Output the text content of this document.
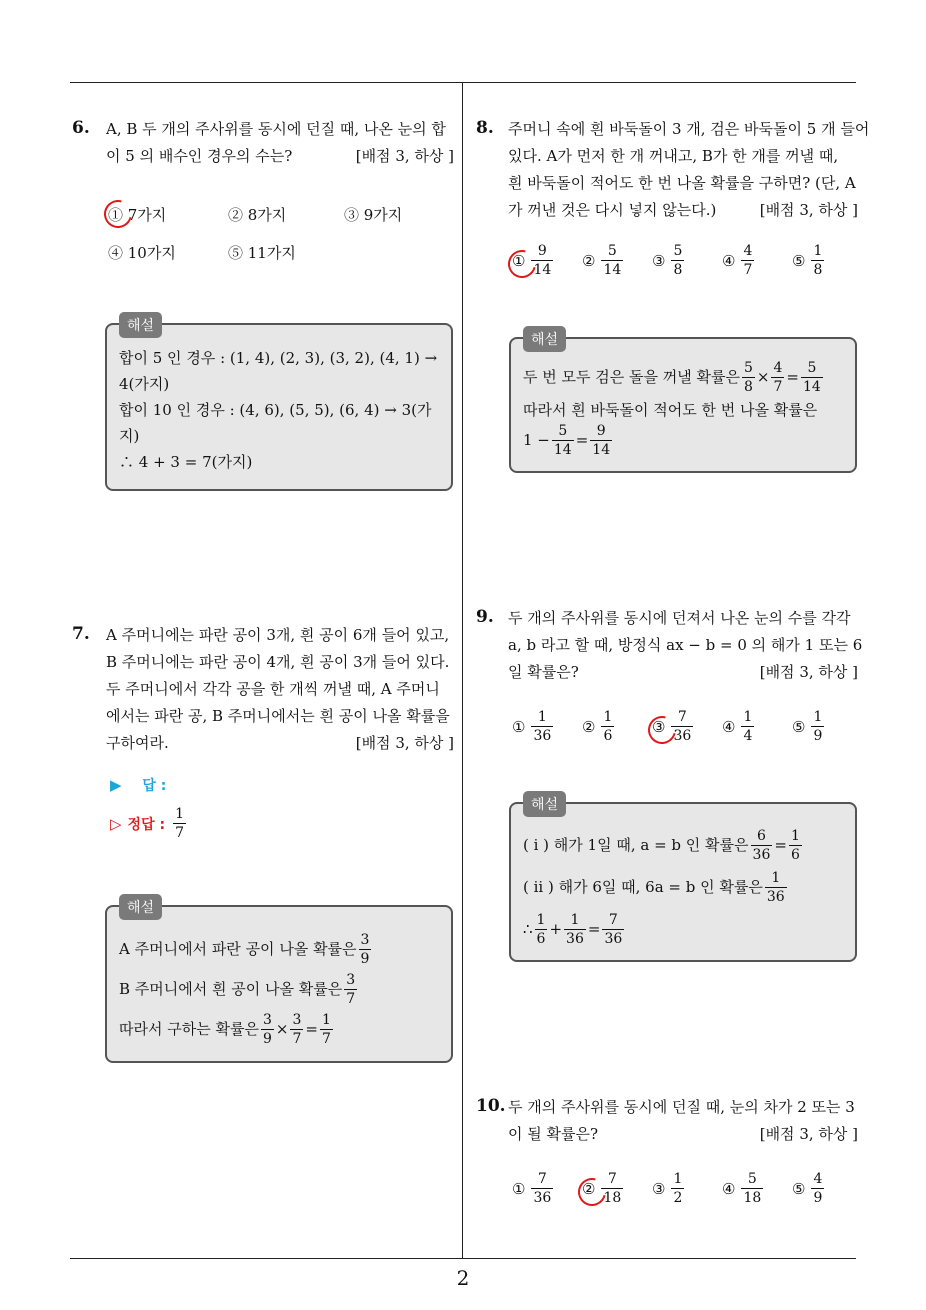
2
6. A, B 두 개의 주사위를 동시에 던질 때, 나온 눈의 합
이 5 의 배수인 경우의 수는?	[배점 3, 하상 ]
① 7가지	② 8가지	③ 9가지
④ 10가지	⑤ 11가지
해설
합이 5 인 경우 : (1, 4), (2, 3), (3, 2), (4, 1) →
4(가지)
합이 10 인 경우 : (4, 6), (5, 5), (6, 4) → 3(가
지)
∴ 4 + 3 = 7(가지)
7. A 주머니에는 파란 공이 3개, 흰 공이 6개 들어 있고,
B 주머니에는 파란 공이 4개, 흰 공이 3개 들어 있다.
두 주머니에서 각각 공을 한 개씩 꺼낼 때, A 주머니
에서는 파란 공, B 주머니에서는 흰 공이 나올 확률을
구하여라.	[배점 3, 하상 ]
▶ 답 :
▷ 정답 : $\frac{1}{7}$
해설
A 주머니에서 파란 공이 나올 확률은 $\frac{3}{9}$
B 주머니에서 흰 공이 나올 확률은 $\frac{3}{7}$
따라서 구하는 확률은 $\frac{3}{9} \times \frac{3}{7} = \frac{1}{7}$
8. 주머니 속에 흰 바둑돌이 3 개, 검은 바둑돌이 5 개 들어
있다. A가 먼저 한 개 꺼내고, B가 한 개를 꺼낼 때,
흰 바둑돌이 적어도 한 번 나올 확률을 구하면? (단, A
가 꺼낸 것은 다시 넣지 않는다.)	[배점 3, 하상 ]
① $\frac{9}{14}$ ② $\frac{5}{14}$ ③ $\frac{5}{8}$	④ $\frac{4}{7}$	⑤ $\frac{1}{8}$
해설
두 번 모두 검은 돌을 꺼낼 확률은 $\frac{5}{8} \times \frac{4}{7} = \frac{5}{14}$
따라서 흰 바둑돌이 적어도 한 번 나올 확률은
$1 - \frac{5}{14} = \frac{9}{14}$
9. 두 개의 주사위를 동시에 던져서 나온 눈의 수를 각각
a, b 라고 할 때, 방정식 ax − b = 0 의 해가 1 또는 6
일 확률은?	[배점 3, 하상 ]
① $\frac{1}{36}$ ② $\frac{1}{6}$	③ $\frac{7}{36}$ ④ $\frac{1}{4}$	⑤ $\frac{1}{9}$
해설
( i ) 해가 1일 때, a = b 인 확률은 $\frac{6}{36} = \frac{1}{6}$
( ii ) 해가 6일 때, 6a = b 인 확률은 $\frac{1}{36}$
∴ $\frac{1}{6} + \frac{1}{36} = \frac{7}{36}$
10. 두 개의 주사위를 동시에 던질 때, 눈의 차가 2 또는 3
이 될 확률은?	[배점 3, 하상 ]
① $\frac{7}{36}$ ② $\frac{7}{18}$ ③ $\frac{1}{2}$	④ $\frac{5}{18}$ ⑤ $\frac{4}{9}$
